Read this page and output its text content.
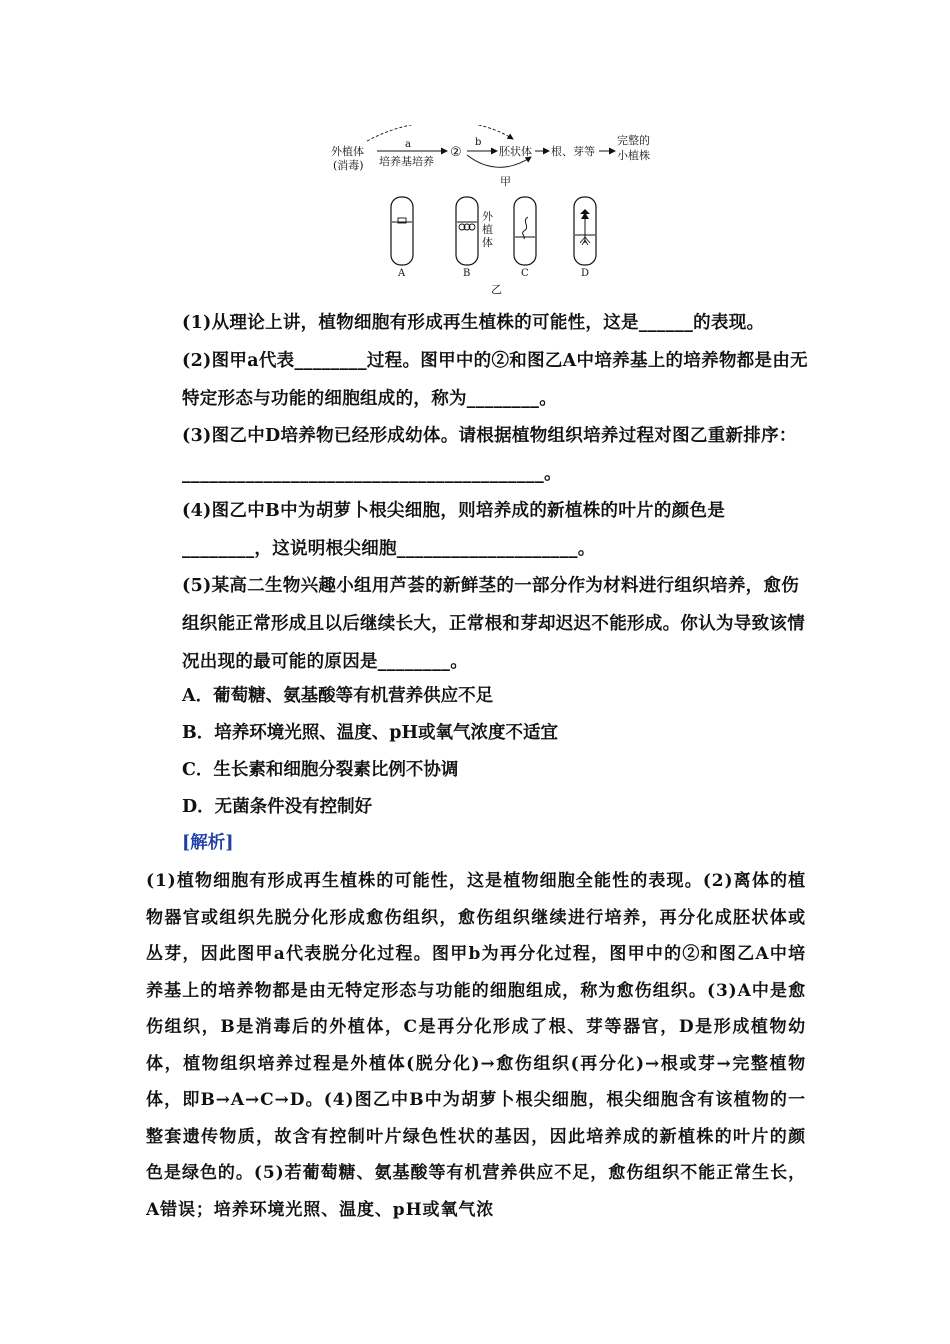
外植体
(消毒)
a
培养基培养
②
b
胚状体 根、芽等
完整的
小植株
甲
A	B
外
植
体
C	D
乙

(1)从理论上讲，植物细胞有形成再生植株的可能性，这是______的表现。

(2)图甲a代表________过程。图甲中的②和图乙A中培养基上的培养物都是由无特定形态与功能的细胞组成的，称为________。

(3)图乙中D培养物已经形成幼体。请根据植物组织培养过程对图乙重新排序：________________________________________。

(4)图乙中B中为胡萝卜根尖细胞，则培养成的新植株的叶片的颜色是________，这说明根尖细胞____________________。

(5)某高二生物兴趣小组用芦荟的新鲜茎的一部分作为材料进行组织培养，愈伤组织能正常形成且以后继续长大，正常根和芽却迟迟不能形成。你认为导致该情况出现的最可能的原因是________。

A．葡萄糖、氨基酸等有机营养供应不足
B．培养环境光照、温度、pH或氧气浓度不适宜
C．生长素和细胞分裂素比例不协调
D．无菌条件没有控制好
[解析]

(1)植物细胞有形成再生植株的可能性，这是植物细胞全能性的表现。(2)离体的植物器官或组织先脱分化形成愈伤组织，愈伤组织继续进行培养，再分化成胚状体或丛芽，因此图甲a代表脱分化过程。图甲b为再分化过程，图甲中的②和图乙A中培养基上的培养物都是由无特定形态与功能的细胞组成，称为愈伤组织。(3)A中是愈伤组织，B是消毒后的外植体，C是再分化形成了根、芽等器官，D是形成植物幼体，植物组织培养过程是外植体(脱分化)→愈伤组织(再分化)→根或芽→完整植物体，即B→A→C→D。(4)图乙中B中为胡萝卜根尖细胞，根尖细胞含有该植物的一整套遗传物质，故含有控制叶片绿色性状的基因，因此培养成的新植株的叶片的颜色是绿色的。(5)若葡萄糖、氨基酸等有机营养供应不足，愈伤组织不能正常生长，A错误；培养环境光照、温度、pH或氧气浓
